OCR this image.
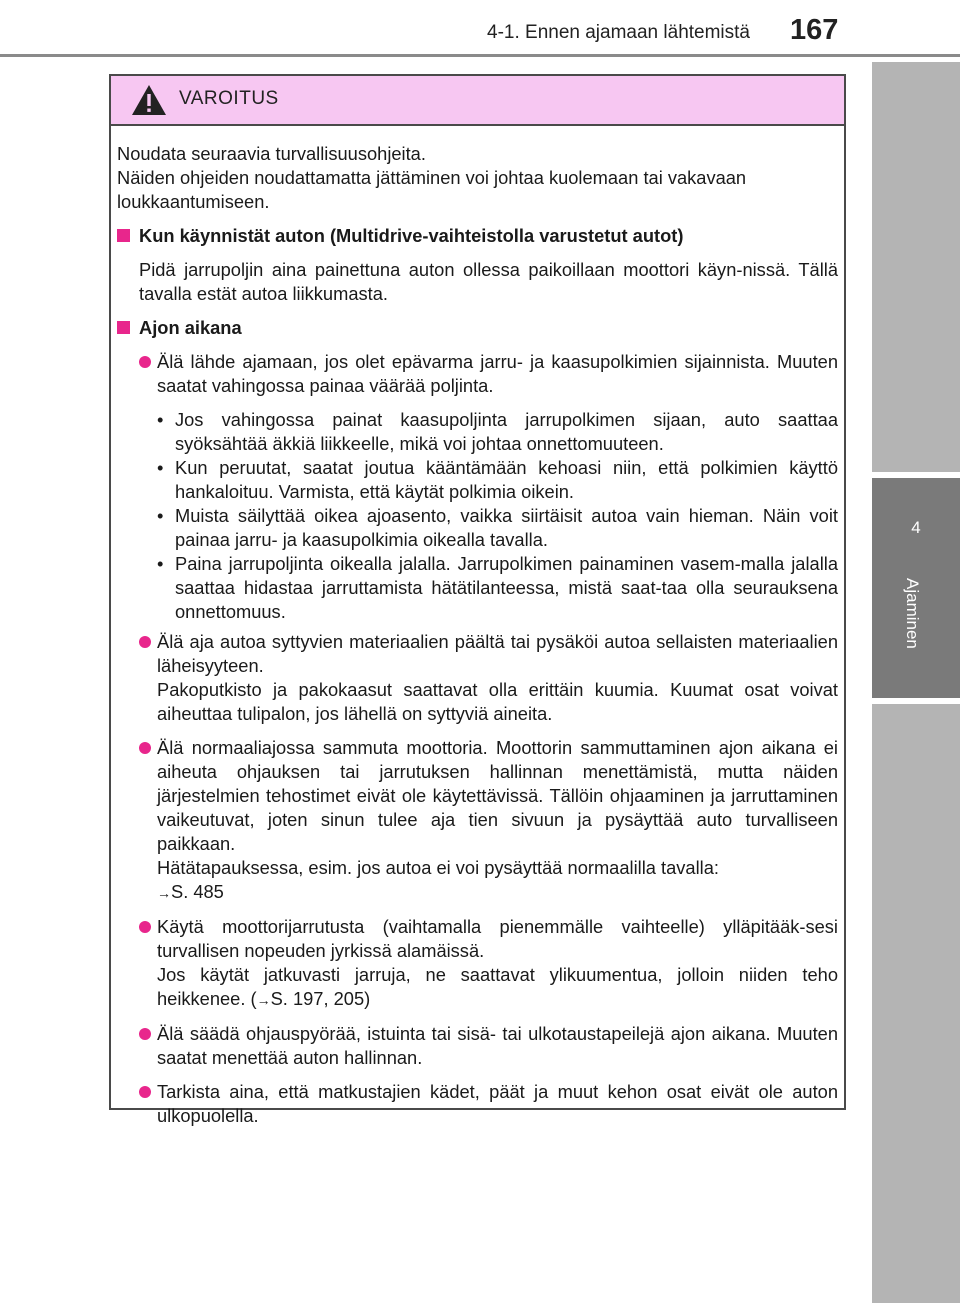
4-1. Ennen ajamaan lähtemistä 167
4
Ajaminen
VAROITUS
Noudata seuraavia turvallisuusohjeita.
Näiden ohjeiden noudattamatta jättäminen voi johtaa kuolemaan tai vakavaan loukkaantumiseen.
Kun käynnistät auton (Multidrive-vaihteistolla varustetut autot)
Pidä jarrupoljin aina painettuna auton ollessa paikoillaan moottori käyn-nissä. Tällä tavalla estät autoa liikkumasta.
Ajon aikana
Älä lähde ajamaan, jos olet epävarma jarru- ja kaasupolkimien sijainnista. Muuten saatat vahingossa painaa väärää poljinta.
• Jos vahingossa painat kaasupoljinta jarrupolkimen sijaan, auto saattaa syöksähtää äkkiä liikkeelle, mikä voi johtaa onnettomuuteen.
• Kun peruutat, saatat joutua kääntämään kehoasi niin, että polkimien käyttö hankaloituu. Varmista, että käytät polkimia oikein.
• Muista säilyttää oikea ajoasento, vaikka siirtäisit autoa vain hieman. Näin voit painaa jarru- ja kaasupolkimia oikealla tavalla.
• Paina jarrupoljinta oikealla jalalla. Jarrupolkimen painaminen vasem-malla jalalla saattaa hidastaa jarruttamista hätätilanteessa, mistä saat-taa olla seurauksena onnettomuus.
Älä aja autoa syttyvien materiaalien päältä tai pysäköi autoa sellaisten materiaalien läheisyyteen.
Pakoputkisto ja pakokaasut saattavat olla erittäin kuumia. Kuumat osat voivat aiheuttaa tulipalon, jos lähellä on syttyviä aineita.
Älä normaaliajossa sammuta moottoria. Moottorin sammuttaminen ajon aikana ei aiheuta ohjauksen tai jarrutuksen hallinnan menettämistä, mutta näiden järjestelmien tehostimet eivät ole käytettävissä. Tällöin ohjaaminen ja jarruttaminen vaikeutuvat, joten sinun tulee aja tien sivuun ja pysäyttää auto turvalliseen paikkaan.
Hätätapauksessa, esim. jos autoa ei voi pysäyttää normaalilla tavalla:
→S. 485
Käytä moottorijarrutusta (vaihtamalla pienemmälle vaihteelle) ylläpitääk-sesi turvallisen nopeuden jyrkissä alamäissä.
Jos käytät jatkuvasti jarruja, ne saattavat ylikuumentua, jolloin niiden teho heikkenee. (→S. 197, 205)
Älä säädä ohjauspyörää, istuinta tai sisä- tai ulkotaustapeilejä ajon aikana. Muuten saatat menettää auton hallinnan.
Tarkista aina, että matkustajien kädet, päät ja muut kehon osat eivät ole auton ulkopuolella.
